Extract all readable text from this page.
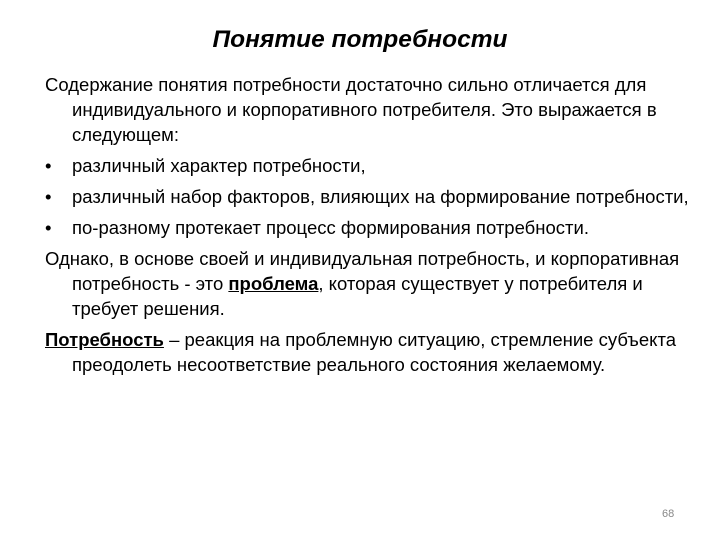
Понятие потребности

Содержание понятия потребности достаточно сильно отличается для индивидуального и корпоративного потребителя. Это выражается в следующем:

• различный характер потребности,
• различный набор факторов, влияющих на формирование потребности,
• по-разному протекает процесс формирования потребности.

Однако, в основе своей и индивидуальная потребность, и корпоративная потребность - это проблема, которая существует у потребителя и требует решения.

Потребность – реакция на проблемную ситуацию, стремление субъекта преодолеть несоответствие реального состояния желаемому.

68
